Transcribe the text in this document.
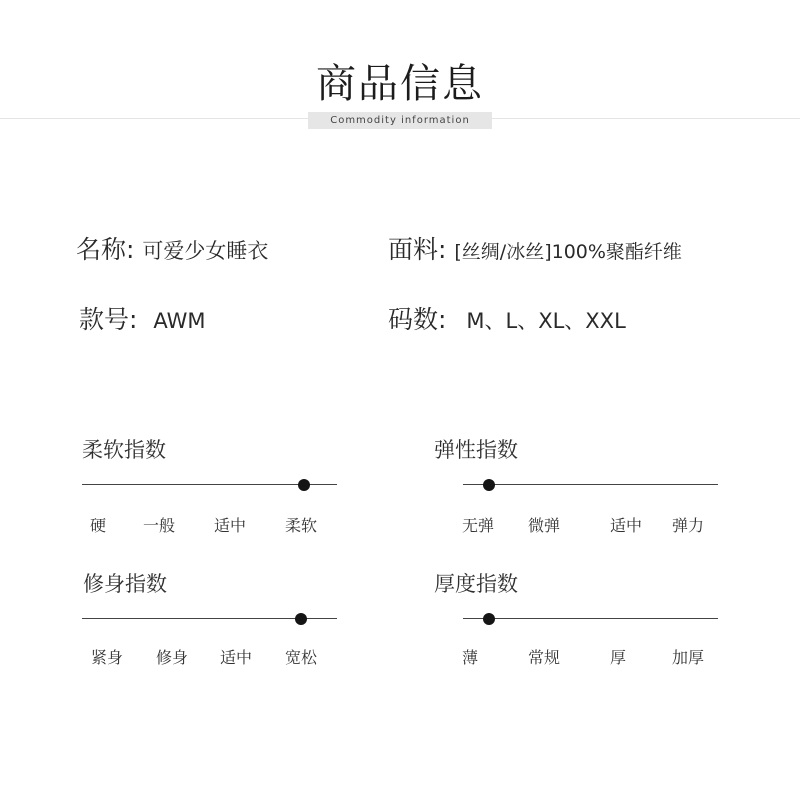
商品信息
Commodity information
名称: 可爱少女睡衣	面料: [丝绸/冰丝]100%聚酯纤维
款号: AWM	码数: M、L、XL、XXL
柔软指数
硬 一般 适中 柔软
弹性指数
无弹 微弹	适中 弹力
修身指数
紧身 修身 适中 宽松
厚度指数
薄	常规	厚	加厚
